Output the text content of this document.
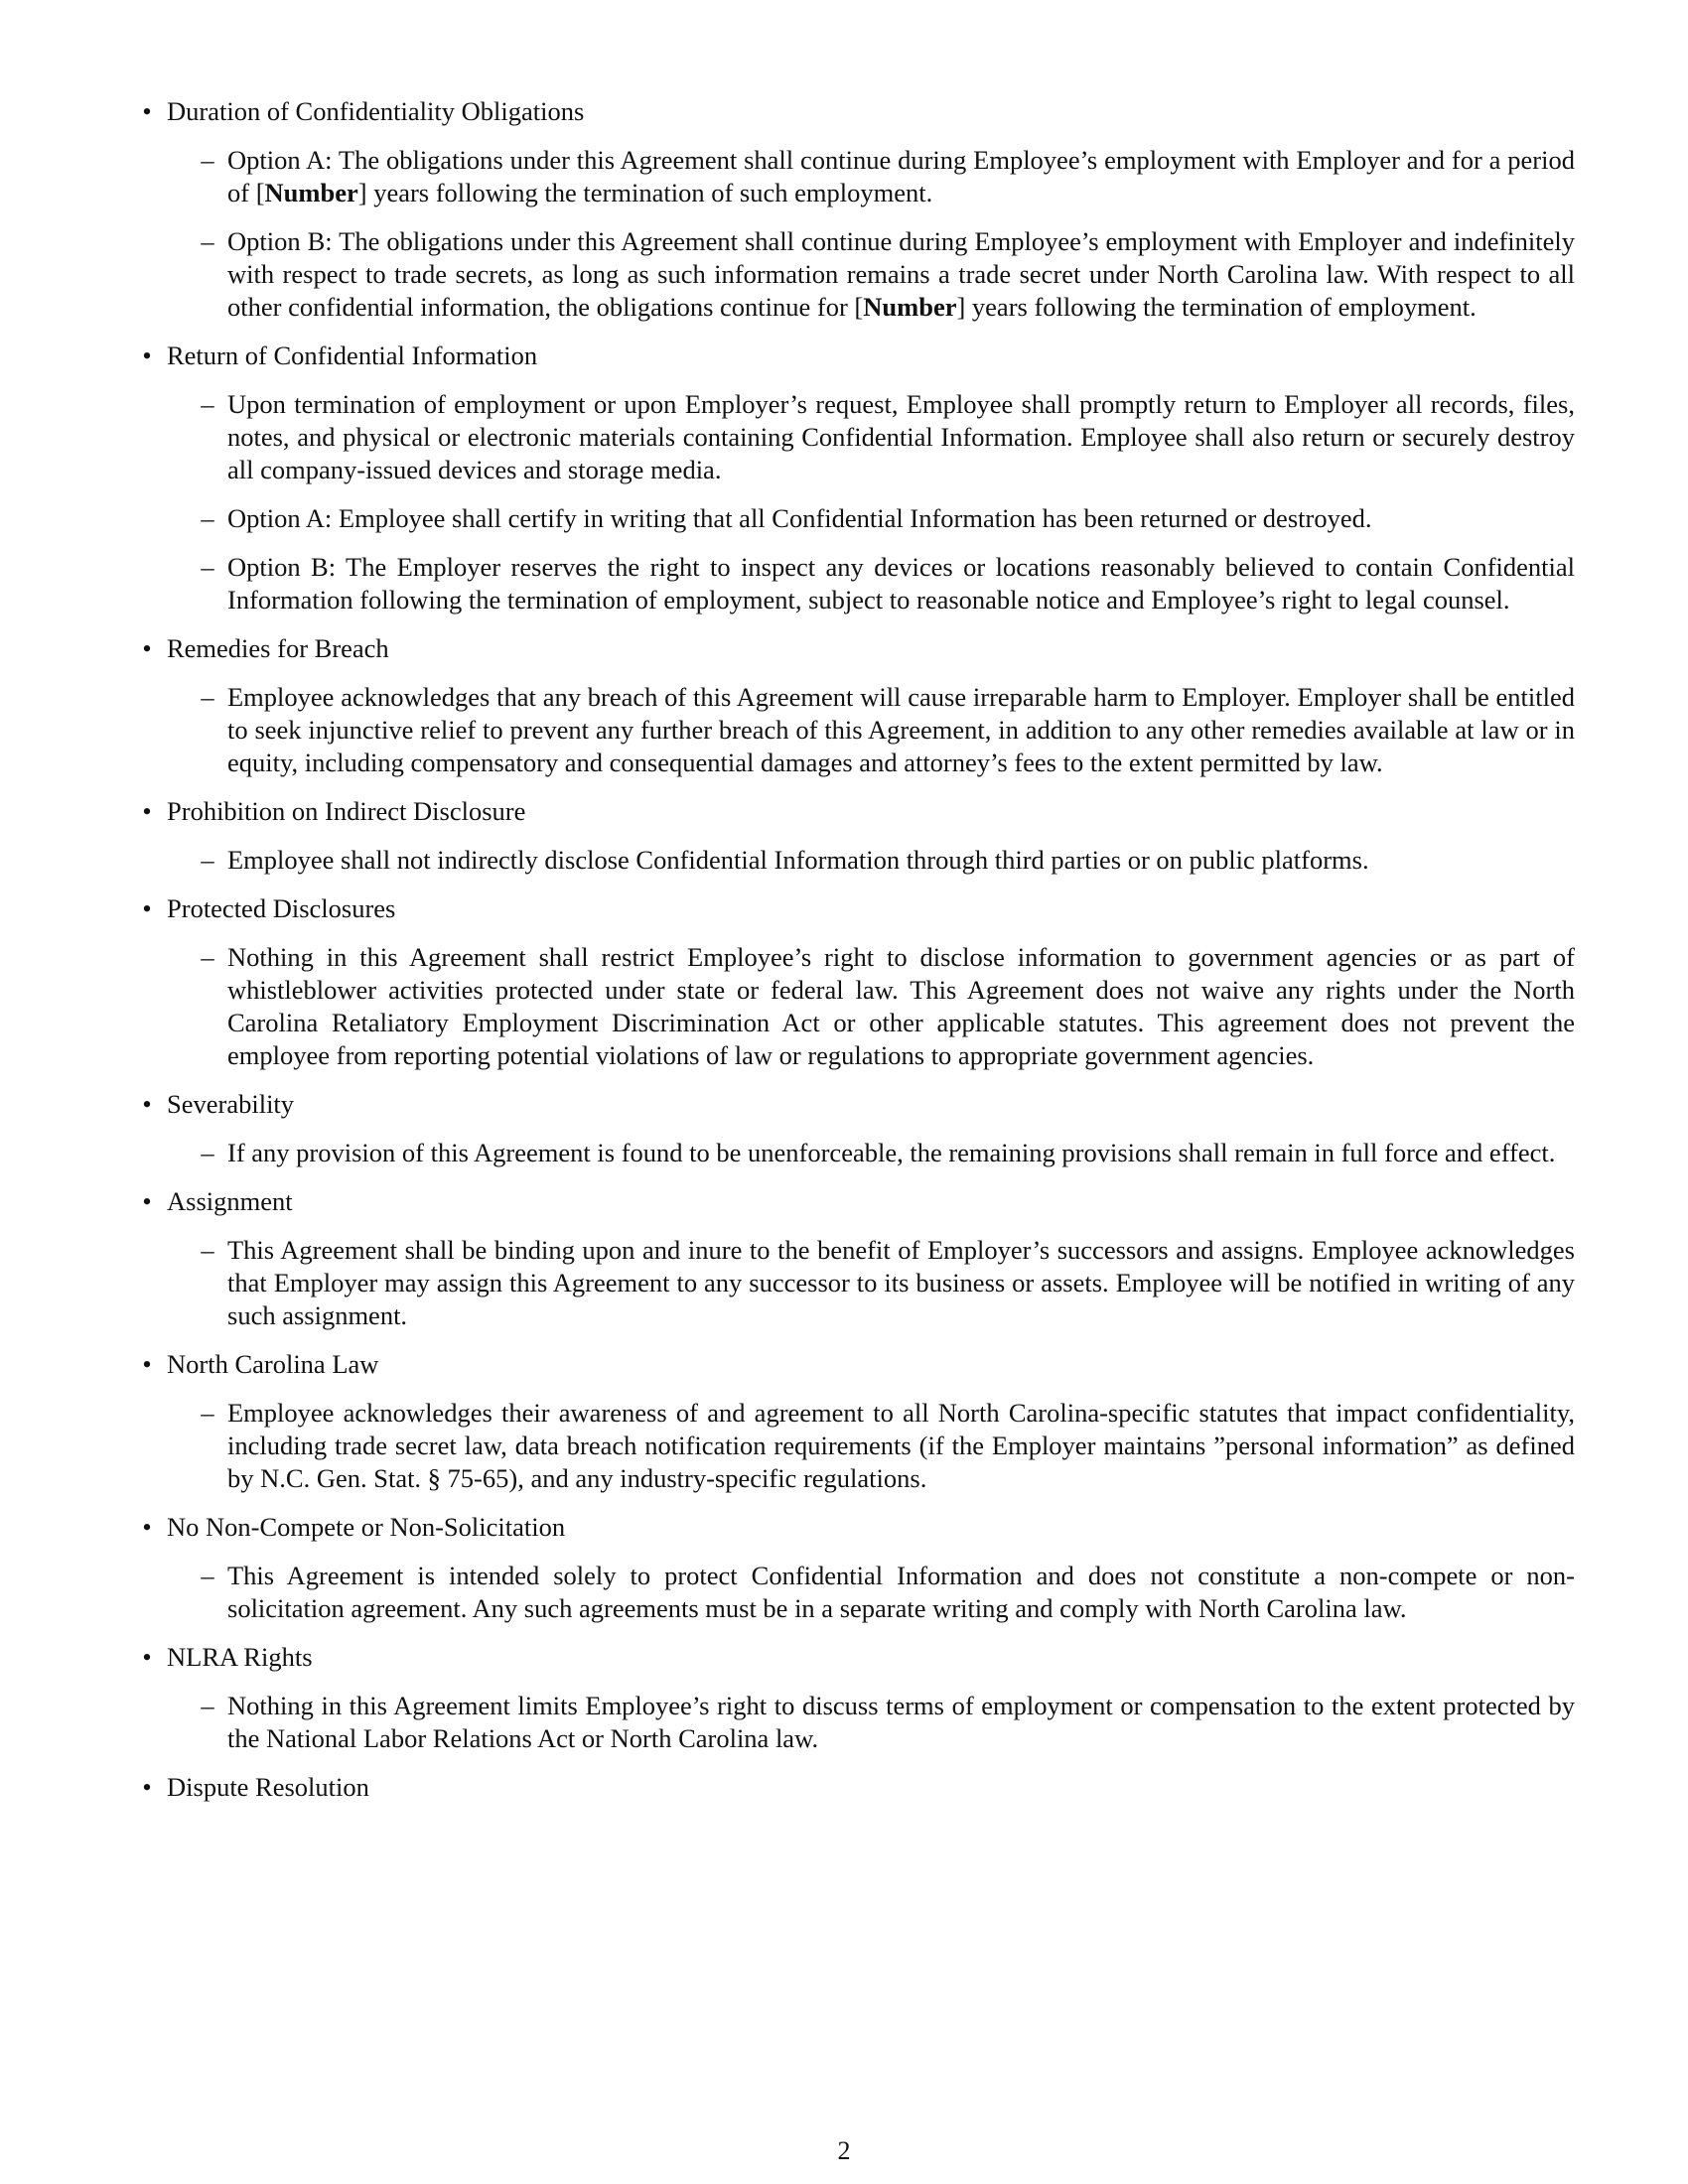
• Duration of Confidentiality Obligations
– Option A: The obligations under this Agreement shall continue during Employee’s employment with Employer and for a period of [Number] years following the termination of such employment.
– Option B: The obligations under this Agreement shall continue during Employee’s employment with Employer and indefinitely with respect to trade secrets, as long as such information remains a trade secret under North Carolina law. With respect to all other confidential information, the obligations continue for [Number] years following the termination of employment.
• Return of Confidential Information
– Upon termination of employment or upon Employer’s request, Employee shall promptly return to Employer all records, files, notes, and physical or electronic materials containing Confidential Information. Employee shall also return or securely destroy all company-issued devices and storage media.
– Option A: Employee shall certify in writing that all Confidential Information has been returned or destroyed.
– Option B: The Employer reserves the right to inspect any devices or locations reasonably believed to contain Confidential Information following the termination of employment, subject to reasonable notice and Employee’s right to legal counsel.
• Remedies for Breach
– Employee acknowledges that any breach of this Agreement will cause irreparable harm to Employer. Employer shall be entitled to seek injunctive relief to prevent any further breach of this Agreement, in addition to any other remedies available at law or in equity, including compensatory and consequential damages and attorney’s fees to the extent permitted by law.
• Prohibition on Indirect Disclosure
– Employee shall not indirectly disclose Confidential Information through third parties or on public platforms.
• Protected Disclosures
– Nothing in this Agreement shall restrict Employee’s right to disclose information to government agencies or as part of whistleblower activities protected under state or federal law. This Agreement does not waive any rights under the North Carolina Retaliatory Employment Discrimination Act or other applicable statutes. This agreement does not prevent the employee from reporting potential violations of law or regulations to appropriate government agencies.
• Severability
– If any provision of this Agreement is found to be unenforceable, the remaining provisions shall remain in full force and effect.
• Assignment
– This Agreement shall be binding upon and inure to the benefit of Employer’s successors and assigns. Employee acknowledges that Employer may assign this Agreement to any successor to its business or assets. Employee will be notified in writing of any such assignment.
• North Carolina Law
– Employee acknowledges their awareness of and agreement to all North Carolina-specific statutes that impact confidentiality, including trade secret law, data breach notification requirements (if the Employer maintains ”personal information” as defined by N.C. Gen. Stat. § 75-65), and any industry-specific regulations.
• No Non-Compete or Non-Solicitation
– This Agreement is intended solely to protect Confidential Information and does not constitute a non-compete or non-solicitation agreement. Any such agreements must be in a separate writing and comply with North Carolina law.
• NLRA Rights
– Nothing in this Agreement limits Employee’s right to discuss terms of employment or compensation to the extent protected by the National Labor Relations Act or North Carolina law.
• Dispute Resolution
2
